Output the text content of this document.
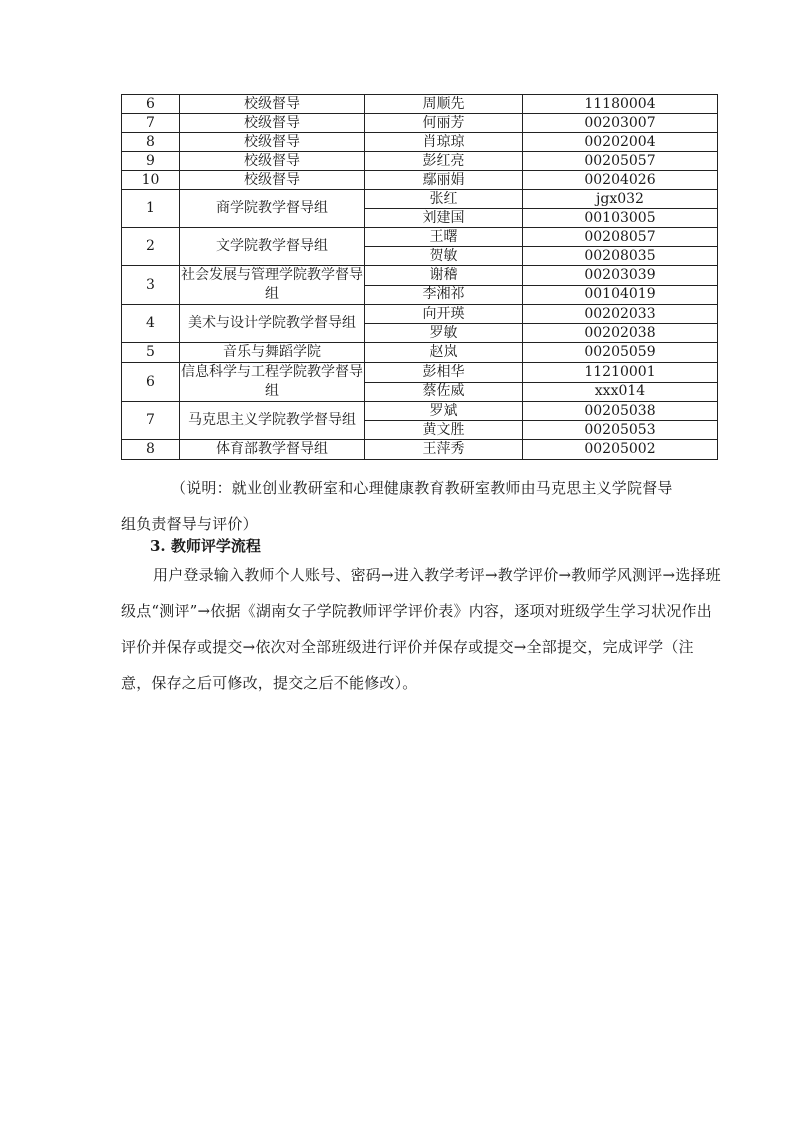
6	校级督导	周顺先	11180004
7	校级督导	何丽芳	00203007
8	校级督导	肖琼琼	00202004
9	校级督导	彭红亮	00205057
10	校级督导	鄢丽娟	00204026
1	商学院教学督导组	张红	jgx032
		刘建国	00103005
2	文学院教学督导组	王曙	00208057
		贺敏	00208035
3	社会发展与管理学院教学督导组	谢稽	00203039
		李湘祁	00104019
4	美术与设计学院教学督导组	向开瑛	00202033
		罗敏	00202038
5	音乐与舞蹈学院	赵岚	00205059
6	信息科学与工程学院教学督导组	彭相华	11210001
		蔡佐威	xxx014
7	马克思主义学院教学督导组	罗斌	00205038
		黄文胜	00205053
8	体育部教学督导组	王萍秀	00205002
（说明：就业创业教研室和心理健康教育教研室教师由马克思主义学院督导
组负责督导与评价）
3. 教师评学流程
用户登录输入教师个人账号、密码→进入教学考评→教学评价→教师学风测评→选择班级点“测评”→依据《湖南女子学院教师评学评价表》内容，逐项对班级学生学习状况作出评价并保存或提交→依次对全部班级进行评价并保存或提交→全部提交，完成评学（注意，保存之后可修改，提交之后不能修改）。
